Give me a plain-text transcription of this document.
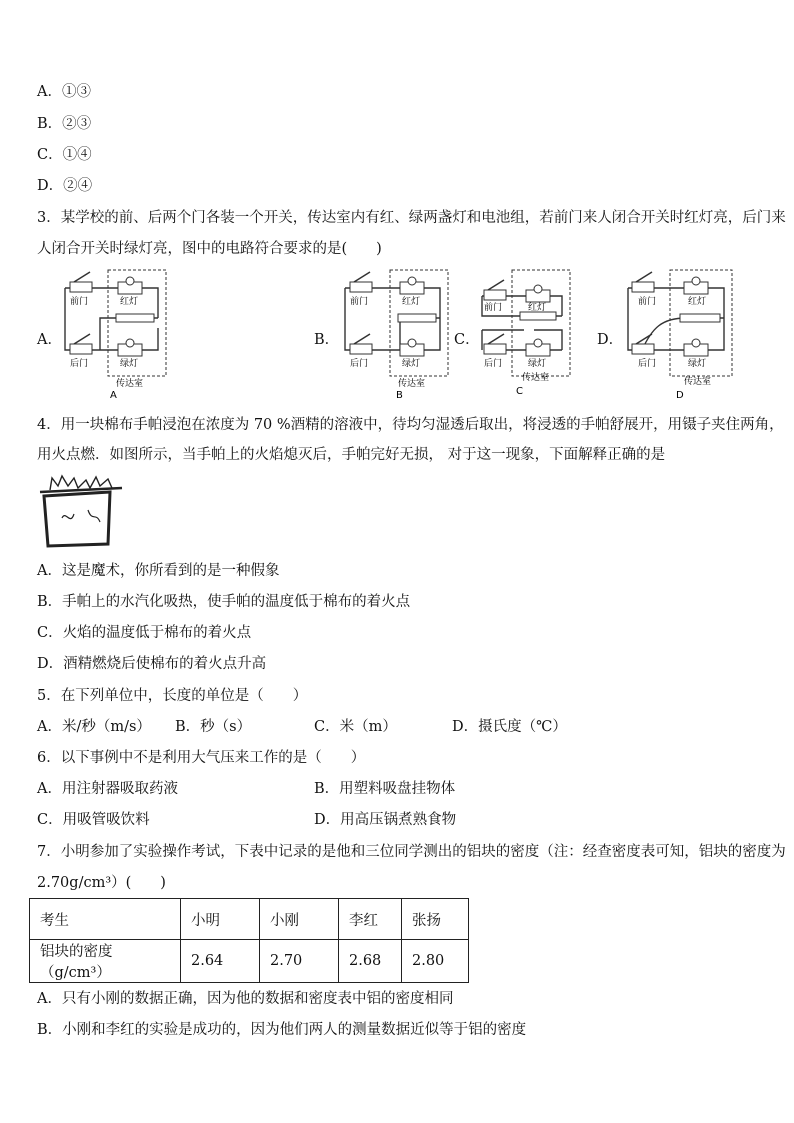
A．①③
B．②③
C．①④
D．②④
3．某学校的前、后两个门各装一个开关，传达室内有红、绿两盏灯和电池组，若前门来人闭合开关时红灯亮，后门来
人闭合开关时绿灯亮，图中的电路符合要求的是(　　)
A．	B．	C．	D．
前门	红灯
后门	绿灯
传达室
A
前门	红灯
后门	绿灯
传达室
B
前门	红灯
后门	绿灯
传达室
C
前门	红灯
后门	绿灯
传达室
D
4．用一块棉布手帕浸泡在浓度为 70 %酒精的溶液中，待均匀湿透后取出，将浸透的手帕舒展开，用镊子夹住两角，
用火点燃．如图所示，当手帕上的火焰熄灭后，手帕完好无损， 对于这一现象，下面解释正确的是
A．这是魔术，你所看到的是一种假象
B．手帕上的水汽化吸热，使手帕的温度低于棉布的着火点
C．火焰的温度低于棉布的着火点
D．酒精燃烧后使棉布的着火点升高
5．在下列单位中，长度的单位是（　　）
A．米/秒（m/s） B．秒（s）	C．米（m）	D．摄氏度（℃）
6．以下事例中不是利用大气压来工作的是（　　）
A．用注射器吸取药液	B．用塑料吸盘挂物体
C．用吸管吸饮料	D．用高压锅煮熟食物
7．小明参加了实验操作考试，下表中记录的是他和三位同学测出的铝块的密度（注：经查密度表可知，铝块的密度为
2.70g/cm³）(　　)
考生	小明	小刚	李红	张扬
铝块的密度（g/cm³）	2.64	2.70	2.68	2.80
A．只有小刚的数据正确，因为他的数据和密度表中铝的密度相同
B．小刚和李红的实验是成功的，因为他们两人的测量数据近似等于铝的密度
